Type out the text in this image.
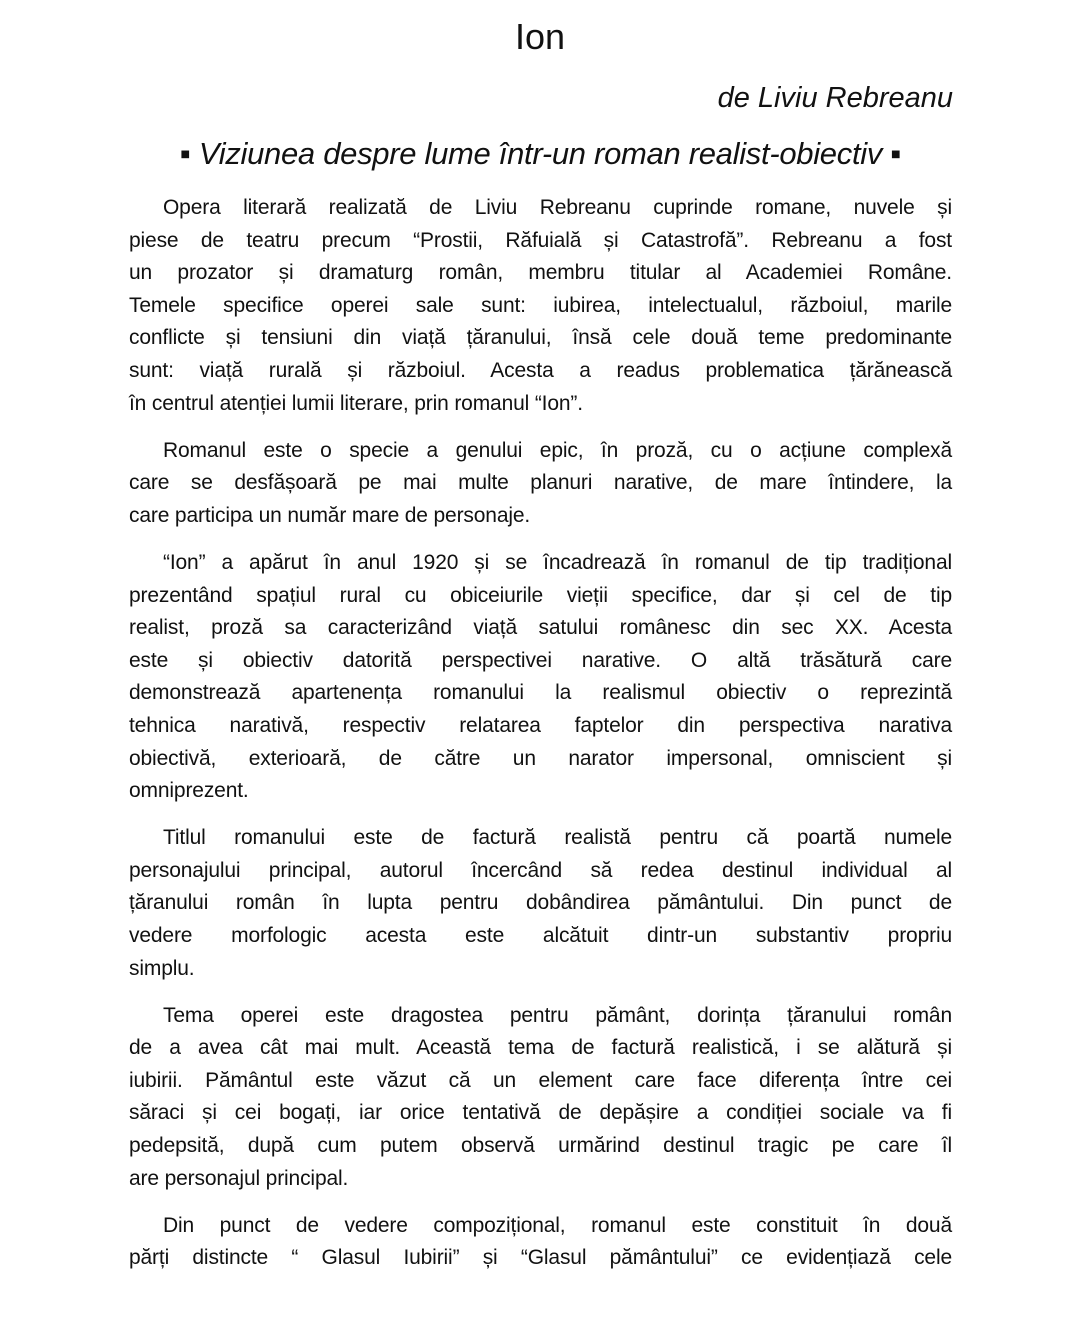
Ion
de Liviu Rebreanu
▪ Viziunea despre lume într-un roman realist-obiectiv ▪
Opera literară realizată de Liviu Rebreanu cuprinde romane, nuvele și
piese de teatru precum “Prostii, Răfuială și Catastrofă”. Rebreanu a fost
un prozator și dramaturg român, membru titular al Academiei Române.
Temele specifice operei sale sunt: iubirea, intelectualul, războiul, marile
conflicte și tensiuni din viață țăranului, însă cele două teme predominante
sunt: viață rurală și războiul. Acesta a readus problematica țărănească
în centrul atenției lumii literare, prin romanul “Ion”.
Romanul este o specie a genului epic, în proză, cu o acțiune complexă
care se desfășoară pe mai multe planuri narative, de mare întindere, la
care participa un număr mare de personaje.
“Ion” a apărut în anul 1920 și se încadrează în romanul de tip tradițional
prezentând spațiul rural cu obiceiurile vieții specifice, dar și cel de tip
realist, proză sa caracterizând viață satului românesc din sec XX. Acesta
este și obiectiv datorită perspectivei narative. O altă trăsătură care
demonstrează apartenența romanului la realismul obiectiv o reprezintă
tehnica narativă, respectiv relatarea faptelor din perspectiva narativa
obiectivă, exterioară, de către un narator impersonal, omniscient și
omniprezent.
Titlul romanului este de factură realistă pentru că poartă numele
personajului principal, autorul încercând să redea destinul individual al
țăranului român în lupta pentru dobândirea pământului. Din punct de
vedere morfologic acesta este alcătuit dintr-un substantiv propriu
simplu.
Tema operei este dragostea pentru pământ, dorința țăranului român
de a avea cât mai mult. Această tema de factură realistică, i se alătură și
iubirii. Pământul este văzut că un element care face diferența între cei
săraci și cei bogați, iar orice tentativă de depășire a condiției sociale va fi
pedepsită, după cum putem observă urmărind destinul tragic pe care îl
are personajul principal.
Din punct de vedere compozițional, romanul este constituit în două
părți distincte “ Glasul Iubirii” și “Glasul pământului” ce evidențiază cele
